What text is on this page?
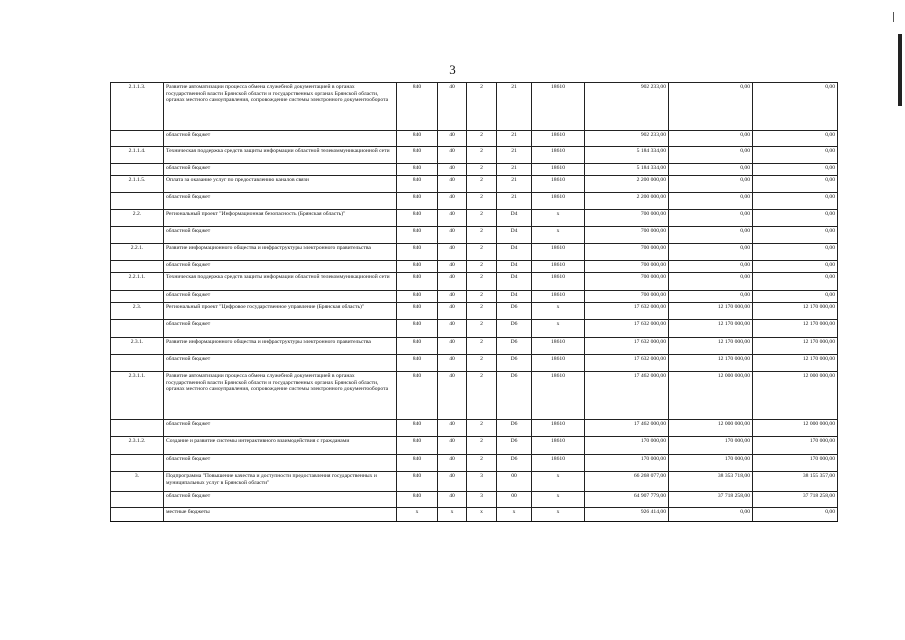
3
2.1.1.3.	Развитие автоматизации процесса обмена служебной документацией в органах государственной власти Брянской области и государственных органах Брянской области, органах местного самоуправления, сопровождение системы электронного документооборота	840	40	2	21	18610	902 233,00	0,00	0,00
	областной бюджет	840	40	2	21	18610	902 233,00	0,00	0,00
2.1.1.4.	Техническая поддержка средств защиты информации областной телекоммуникационной сети	840	40	2	21	18610	5 184 334,00	0,00	0,00
	областной бюджет	840	40	2	21	18610	5 184 334,00	0,00	0,00
2.1.1.5.	Оплата за оказание услуг по предоставлению каналов связи	840	40	2	21	18610	2 200 000,00	0,00	0,00
	областной бюджет	840	40	2	21	18610	2 200 000,00	0,00	0,00
2.2.	Региональный проект "Информационная безопасность (Брянская область)"	840	40	2	D4	х	700 000,00	0,00	0,00
	областной бюджет	840	40	2	D4	х	700 000,00	0,00	0,00
2.2.1.	Развитие информационного общества и инфраструктуры электронного правительства	840	40	2	D4	18610	700 000,00	0,00	0,00
	областной бюджет	840	40	2	D4	18610	700 000,00	0,00	0,00
2.2.1.1.	Техническая поддержка средств защиты информации областной телекоммуникационной сети	840	40	2	D4	18610	700 000,00	0,00	0,00
	областной бюджет	840	40	2	D4	18610	700 000,00	0,00	0,00
2.3.	Региональный проект "Цифровое государственное управление (Брянская область)"	840	40	2	D6	х	17 632 000,00	12 170 000,00	12 170 000,00
	областной бюджет	840	40	2	D6	х	17 632 000,00	12 170 000,00	12 170 000,00
2.3.1.	Развитие информационного общества и инфраструктуры электронного правительства	840	40	2	D6	18610	17 632 000,00	12 170 000,00	12 170 000,00
	областной бюджет	840	40	2	D6	18610	17 632 000,00	12 170 000,00	12 170 000,00
2.3.1.1.	Развитие автоматизации процесса обмена служебной документацией в органах государственной власти Брянской области и государственных органах Брянской области, органах местного самоуправления, сопровождение системы электронного документооборота	840	40	2	D6	18610	17 462 000,00	12 000 000,00	12 000 000,00
	областной бюджет	840	40	2	D6	18610	17 462 000,00	12 000 000,00	12 000 000,00
2.3.1.2.	Создание и развитие системы интерактивного взаимодействия с гражданами	840	40	2	D6	18610	170 000,00	170 000,00	170 000,00
	областной бюджет	840	40	2	D6	18610	170 000,00	170 000,00	170 000,00
3.	Подпрограмма "Повышение качества и доступности предоставления государственных и муниципальных услуг в Брянской области"	840	40	3	00	х	66 268 077,00	38 353 718,00	38 155 357,00
	областной бюджет	840	40	3	00	х	64 907 779,00	37 718 258,00	37 718 258,00
	местные бюджеты	х	х	х	х	х	926 414,00	0,00	0,00
